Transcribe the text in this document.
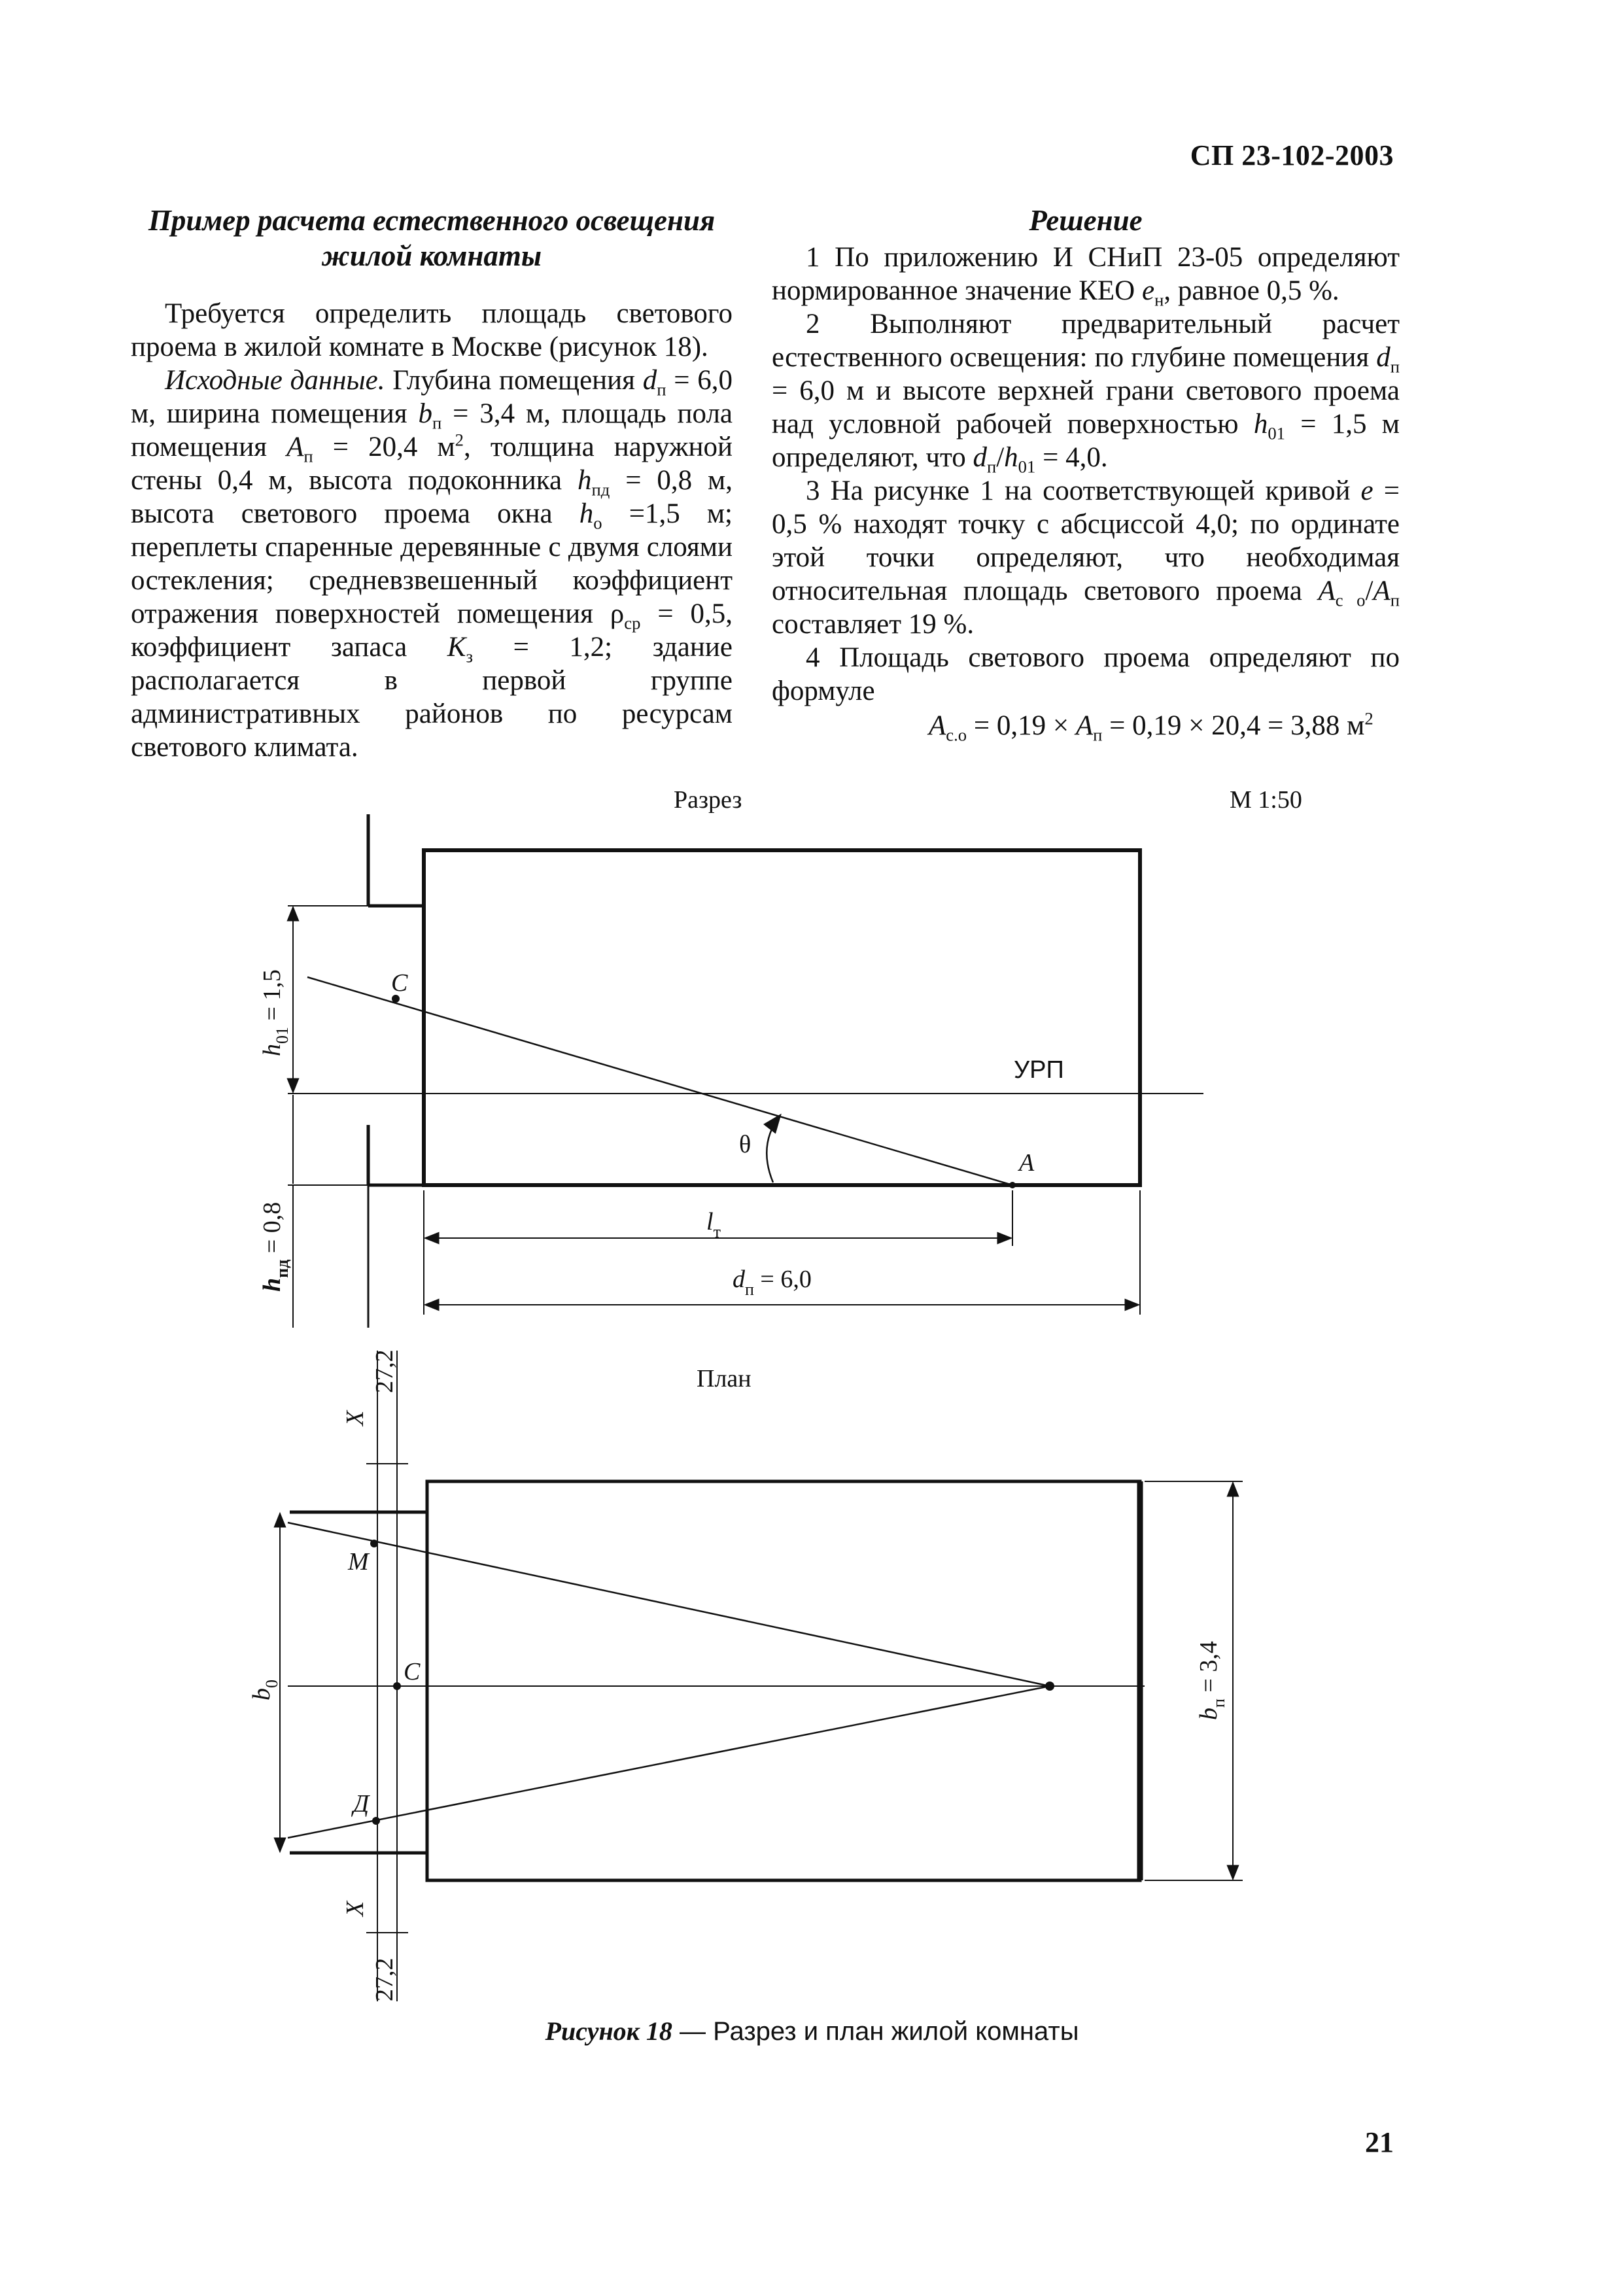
СП 23-102-2003
Пример расчета естественного освещения
жилой комнаты

Требуется определить площадь светового проема в жилой комнате в Москве (рисунок 18).

Исходные данные. Глубина помещения $d_п = 6,0$ м, ширина помещения $b_п = 3,4$ м, площадь пола помещения $A_п = 20,4$ $м^2$, толщина наружной стены 0,4 м, высота подоконника $h_{пд} = 0,8$ м, высота светового проема окна $h_о =1,5$ м; переплеты спаренные деревянные с двумя слоями остекления; средневзвешенный коэффициент отражения поверхностей помещения $\rho_{ср} = 0,5$, коэффициент запаса $K_з = 1,2$; здание располагается в первой группе административных районов по ресурсам светового климата.

Решение

1 По приложению И СНиП 23-05 определяют нормированное значение КЕО $e_н$, равное 0,5 %.

2 Выполняют предварительный расчет естественного освещения: по глубине помещения $d_п = 6,0$ м и высоте верхней грани светового проема над условной рабочей поверхностью $h_{01} = 1,5$ м определяют, что $d_п/h_{01} = 4,0$.

3 На рисунке 1 на соответствующей кривой e = 0,5 % находят точку с абсциссой 4,0; по ординате этой точки определяют, что необходимая относительная площадь светового проема $A_{с о}/A_п$ составляет 19 %.

4 Площадь светового проема определяют по формуле

$A_{с.о} = 0,19 \times A_п = 0,19 \times 20,4 = 3,88$ $м^2$

Разрез	М 1:50
УРП
С
А
θ
$l_т$
$d_п = 6,0$
$h_{01} = 1,5$
$h_{пд} = 0,8$
План
X
27,2
X
27,2
М
С
Д
$b_0$
$b_п = 3,4$
Рисунок 18 — Разрез и план жилой комнаты
21
